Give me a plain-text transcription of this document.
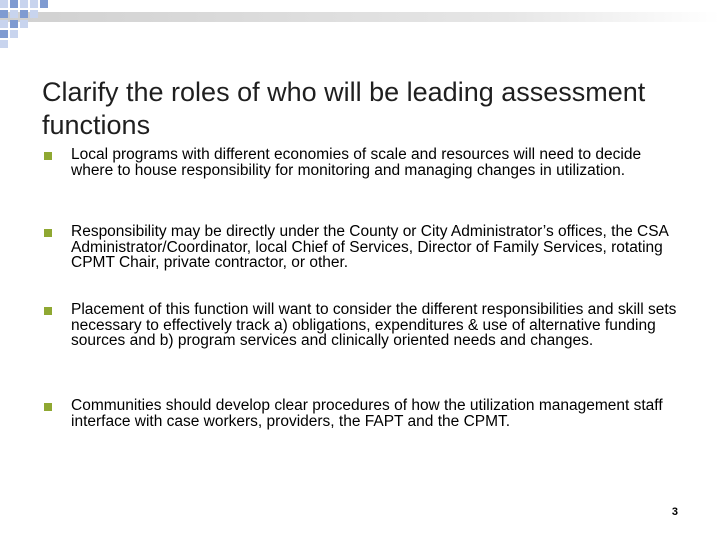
Clarify the roles of who will be leading assessment functions
Local programs with different economies of scale and resources will need to decide where to house responsibility for monitoring and managing changes in utilization.
Responsibility may be directly under the County or City Administrator’s offices, the CSA Administrator/Coordinator, local Chief of Services, Director of Family Services, rotating CPMT Chair, private contractor, or other.
Placement of this function will want to consider the different responsibilities and skill sets necessary to effectively track a) obligations, expenditures & use of alternative funding sources and b) program services and clinically oriented needs and changes.
Communities should develop clear procedures of how the utilization management staff interface with case workers, providers, the FAPT and the CPMT.
3
